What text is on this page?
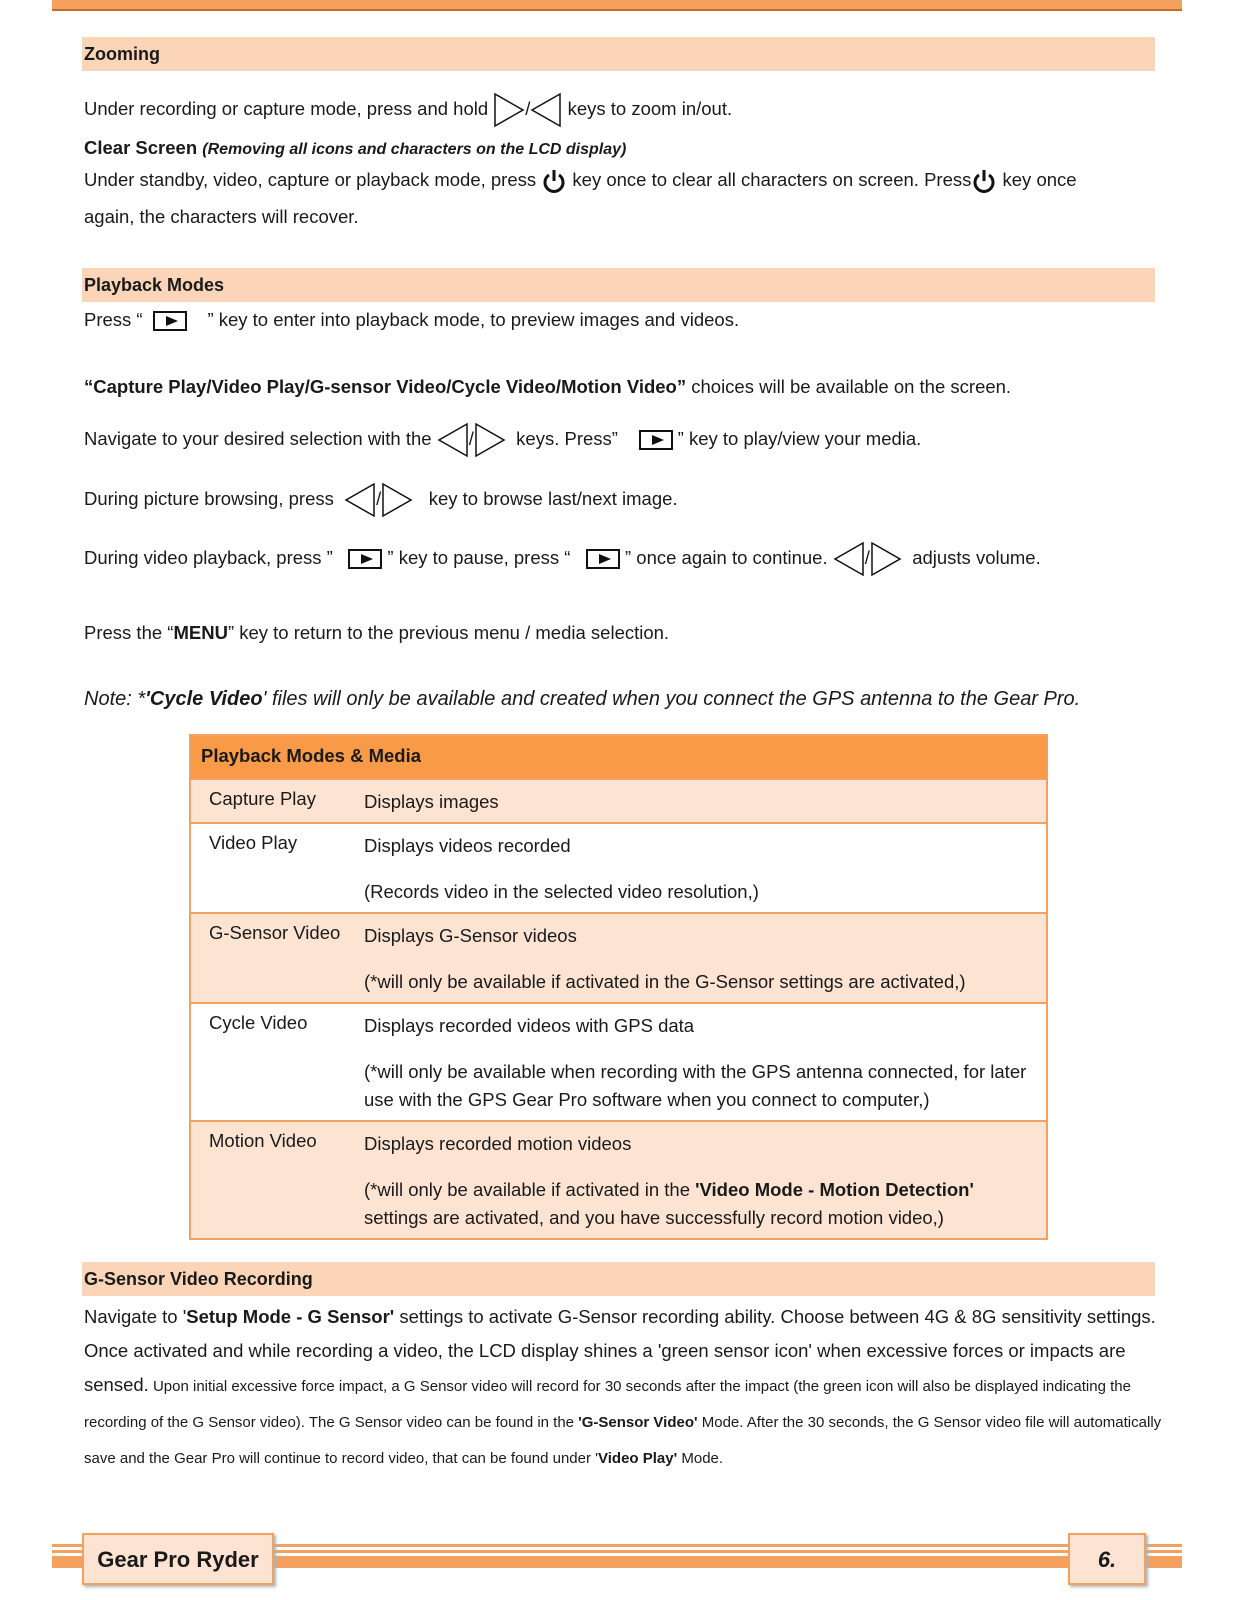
Zooming
Under recording or capture mode, press and hold / keys to zoom in/out.
Clear Screen (Removing all icons and characters on the LCD display)
Under standby, video, capture or playback mode, press key once to clear all characters on screen. Press key once
again, the characters will recover.
Playback Modes
Press “	” key to enter into playback mode, to preview images and videos.
“Capture Play/Video Play/G-sensor Video/Cycle Video/Motion Video” choices will be available on the screen.
Navigate to your desired selection with the / keys. Press”	” key to play/view your media.
During picture browsing, press /	key to browse last/next image.
During video playback, press ”	” key to pause, press “	” once again to continue. / adjusts volume.
Press the “MENU” key to return to the previous menu / media selection.
Note: *'Cycle Video' files will only be available and created when you connect the GPS antenna to the Gear Pro.
Playback Modes & Media
Capture Play	Displays images

Video Play	Displays videos recorded

(Records video in the selected video resolution,)

G-Sensor Video	Displays G-Sensor videos

(*will only be available if activated in the G-Sensor settings are activated,)

Cycle Video	Displays recorded videos with GPS data

(*will only be available when recording with the GPS antenna connected, for later use with the GPS Gear Pro software when you connect to computer,)

Motion Video	Displays recorded motion videos

(*will only be available if activated in the 'Video Mode - Motion Detection' settings are activated, and you have successfully record motion video,)

G-Sensor Video Recording
Navigate to 'Setup Mode - G Sensor' settings to activate G-Sensor recording ability. Choose between 4G & 8G sensitivity settings. Once activated and while recording a video, the LCD display shines a 'green sensor icon' when excessive forces or impacts are sensed. Upon initial excessive force impact, a G Sensor video will record for 30 seconds after the impact (the green icon will also be displayed indicating the recording of the G Sensor video). The G Sensor video can be found in the 'G-Sensor Video' Mode. After the 30 seconds, the G Sensor video file will automatically save and the Gear Pro will continue to record video, that can be found under 'Video Play' Mode.
Gear Pro Ryder	6.
